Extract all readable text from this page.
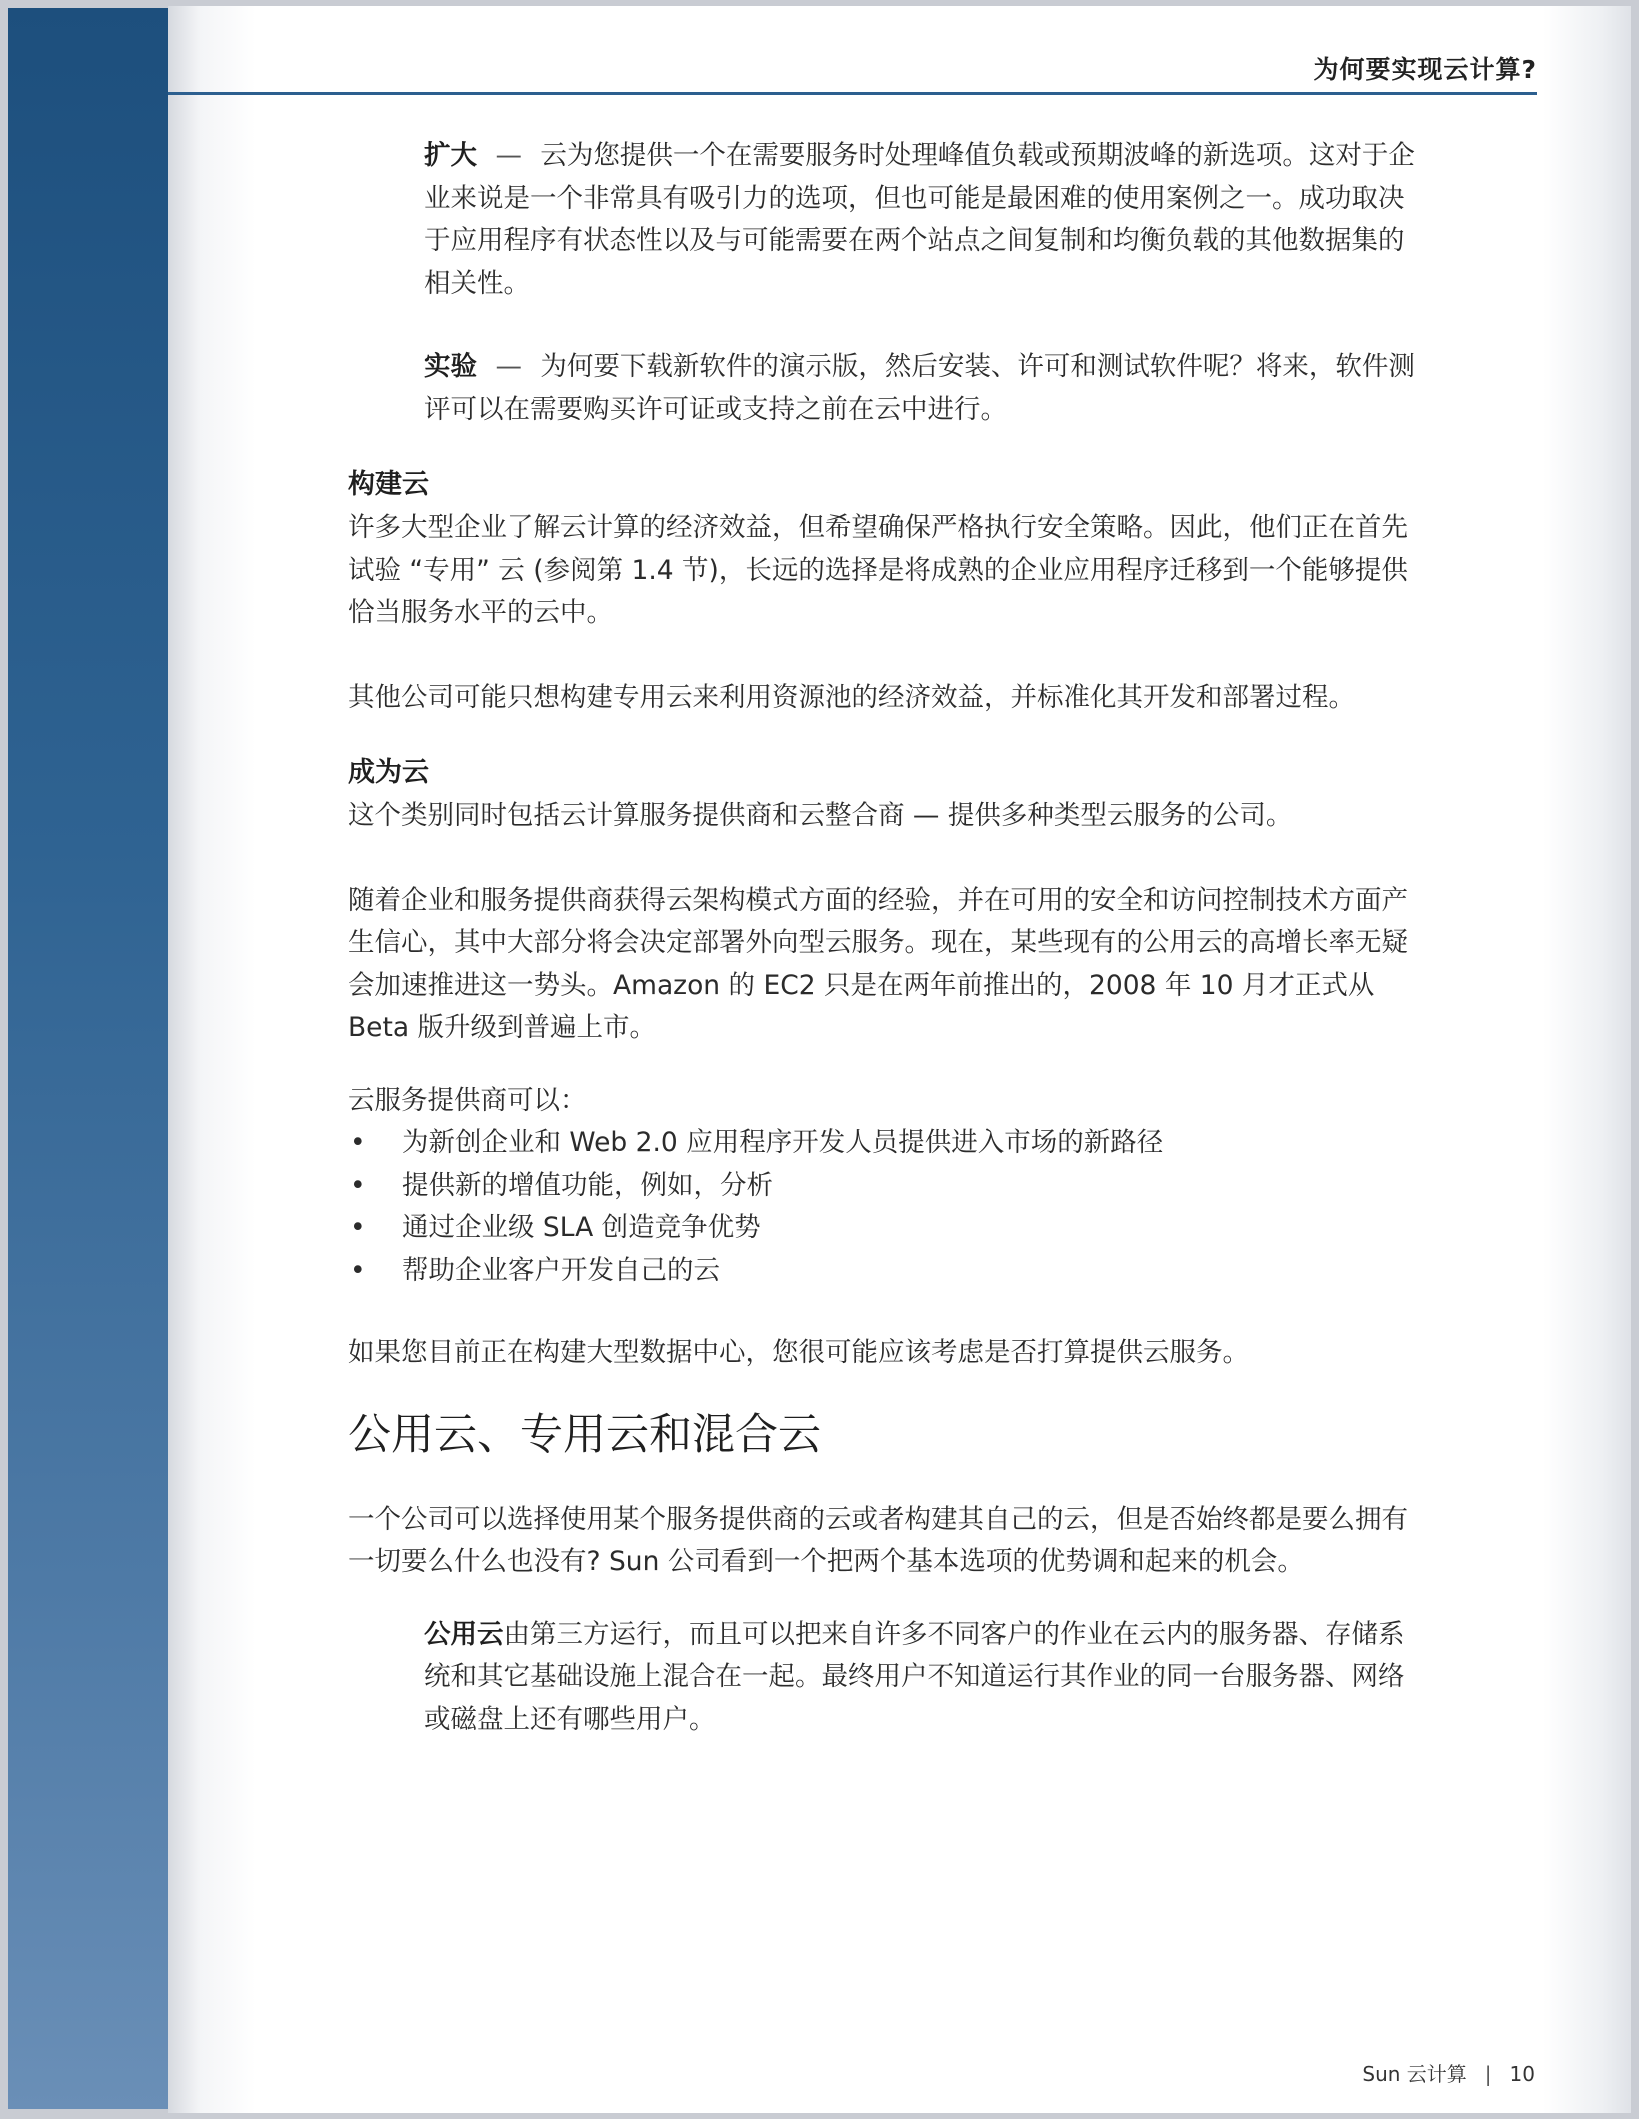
为何要实现云计算?

扩大 — 云为您提供一个在需要服务时处理峰值负载或预期波峰的新选项。这对于企业来说是一个非常具有吸引力的选项，但也可能是最困难的使用案例之一。成功取决于应用程序有状态性以及与可能需要在两个站点之间复制和均衡负载的其他数据集的相关性。

实验 — 为何要下载新软件的演示版，然后安装、许可和测试软件呢？将来，软件测评可以在需要购买许可证或支持之前在云中进行。

构建云

许多大型企业了解云计算的经济效益，但希望确保严格执行安全策略。因此，他们正在首先试验 “专用” 云 (参阅第 1.4 节)，长远的选择是将成熟的企业应用程序迁移到一个能够提供恰当服务水平的云中。

其他公司可能只想构建专用云来利用资源池的经济效益，并标准化其开发和部署过程。

成为云

这个类别同时包括云计算服务提供商和云整合商 — 提供多种类型云服务的公司。

随着企业和服务提供商获得云架构模式方面的经验，并在可用的安全和访问控制技术方面产生信心，其中大部分将会决定部署外向型云服务。现在，某些现有的公用云的高增长率无疑会加速推进这一势头。Amazon 的 EC2 只是在两年前推出的，2008 年 10 月才正式从 Beta 版升级到普遍上市。

云服务提供商可以：

• 为新创企业和 Web 2.0 应用程序开发人员提供进入市场的新路径
• 提供新的增值功能，例如，分析
• 通过企业级 SLA 创造竞争优势
• 帮助企业客户开发自己的云

如果您目前正在构建大型数据中心，您很可能应该考虑是否打算提供云服务。

公用云、专用云和混合云

一个公司可以选择使用某个服务提供商的云或者构建其自己的云，但是否始终都是要么拥有一切要么什么也没有? Sun 公司看到一个把两个基本选项的优势调和起来的机会。

公用云由第三方运行，而且可以把来自许多不同客户的作业在云内的服务器、存储系统和其它基础设施上混合在一起。最终用户不知道运行其作业的同一台服务器、网络或磁盘上还有哪些用户。

Sun 云计算 | 10
